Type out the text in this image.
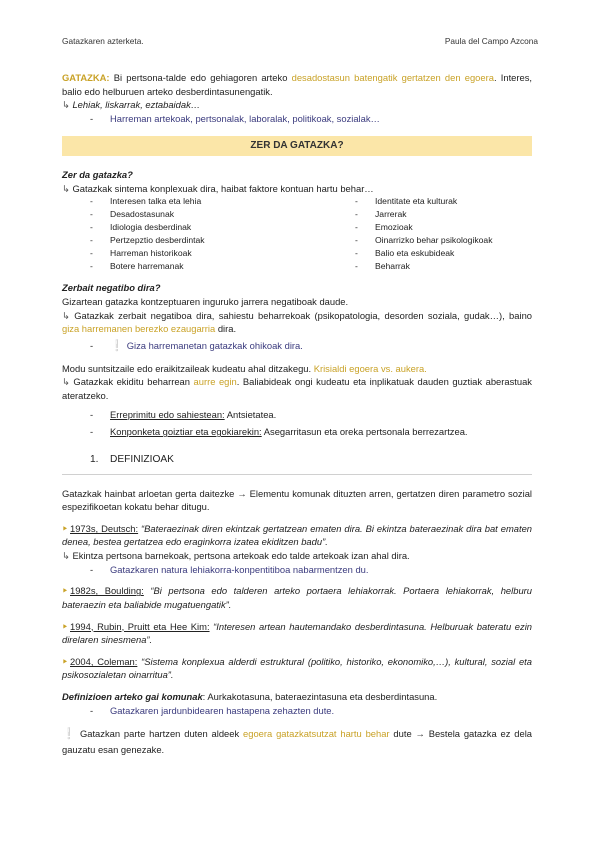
Gatazkaren azterketa.	Paula del Campo Azcona

GATAZKA: Bi pertsona-talde edo gehiagoren arteko desadostasun batengatik gertatzen den egoera. Interes, balio edo helburuen arteko desberdintasunengatik.

↳ Lehiak, liskarrak, eztabaidak…

-	Harreman artekoak, pertsonalak, laboralak, politikoak, sozialak…
ZER DA GATAZKA?

Zer da gatazka?

↳ Gatazkak sintema konplexuak dira, haibat faktore kontuan hartu behar…

-	Interesen talka eta lehia
-	Desadostasunak
-	Idiologia desberdinak
-	Pertzepztio desberdintak
-	Harreman historikoak
-	Botere harremanak
-	Identitate eta kulturak
-	Jarrerak
-	Emozioak
-	Oinarrizko behar psikologikoak
-	Balio eta eskubideak
-	Beharrak

Zerbait negatibo dira?

Gizartean gatazka kontzeptuaren inguruko jarrera negatiboak daude.

↳ Gatazkak zerbait negatiboa dira, sahiestu beharrekoak (psikopatologia, desorden soziala, gudak…), baino giza harremanen berezko ezaugarria dira.

-	❕ Giza harremanetan gatazkak ohikoak dira.

Modu suntsitzaile edo eraikitzaileak kudeatu ahal ditzakegu. Krisialdi egoera vs. aukera.

↳ Gatazkak ekiditu beharrean aurre egin. Baliabideak ongi kudeatu eta inplikatuak dauden guztiak aberastuak ateratzeko.

-	Erreprimitu edo sahiestean: Antsietatea.
-	Konponketa goiztiar eta egokiarekin: Asegarritasun eta oreka pertsonala berrezartzea.
1.	DEFINIZIOAK

Gatazkak hainbat arloetan gerta daitezke → Elementu komunak dituzten arren, gertatzen diren parametro sozial espezifikoetan kokatu behar ditugu.

‣ 1973s, Deutsch: “Bateraezinak diren ekintzak gertatzean ematen dira. Bi ekintza bateraezinak dira bat ematen denea, bestea gertatzea edo eraginkorra izatea ekiditzen badu”.

↳ Ekintza pertsona barnekoak, pertsona artekoak edo talde artekoak izan ahal dira.

-	Gatazkaren natura lehiakorra-konpentitiboa nabarmentzen du.

‣ 1982s, Boulding: “Bi pertsona edo talderen arteko portaera lehiakorrak. Portaera lehiakorrak, helburu bateraezin eta baliabide mugatuengatik”.

‣ 1994, Rubin, Pruitt eta Hee Kim: “Interesen artean hautemandako desberdintasuna. Helburuak bateratu ezin direlaren sinesmena”.

‣ 2004, Coleman: “Sistema konplexua alderdi estruktural (politiko, historiko, ekonomiko,…), kultural, sozial eta psikosozialetan oinarritua”.

Definizioen arteko gai komunak: Aurkakotasuna, bateraezintasuna eta desberdintasuna.

-	Gatazkaren jardunbidearen hastapena zehazten dute.

❕ Gatazkan parte hartzen duten aldeek egoera gatazkatsutzat hartu behar dute → Bestela gatazka ez dela gauzatu esan genezake.
